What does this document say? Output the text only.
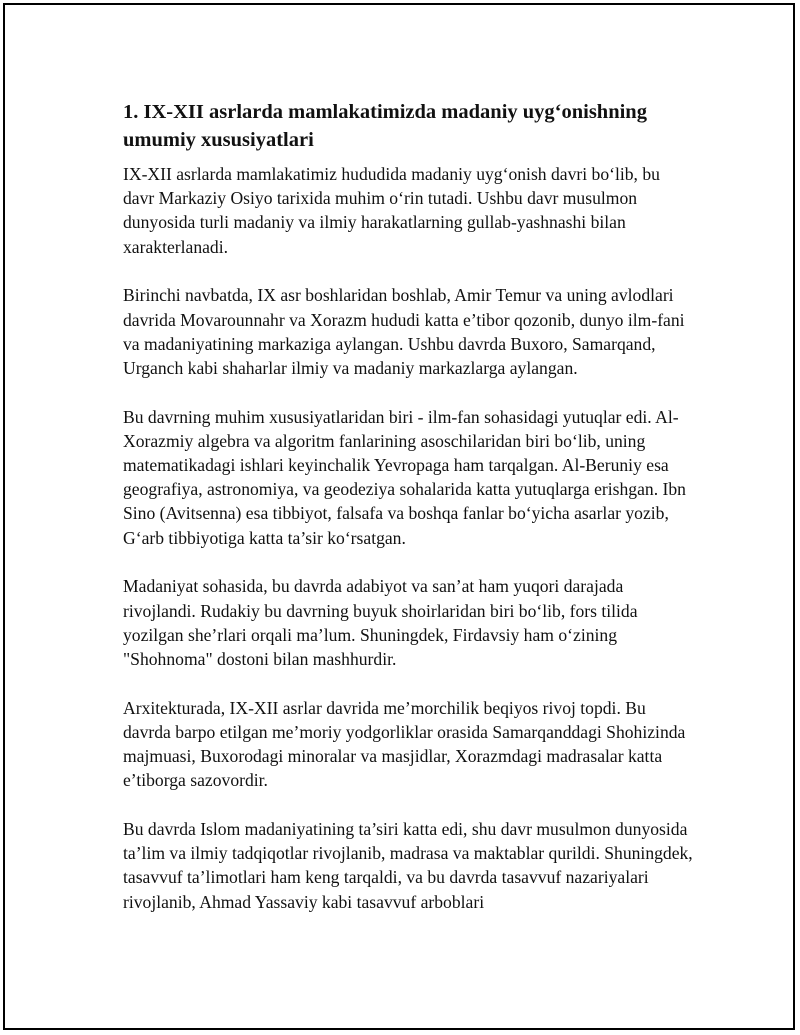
1. IX-XII asrlarda mamlakatimizda madaniy uyg‘onishning umumiy xususiyatlari

IX-XII asrlarda mamlakatimiz hududida madaniy uyg‘onish davri bo‘lib, bu davr Markaziy Osiyo tarixida muhim o‘rin tutadi. Ushbu davr musulmon dunyosida turli madaniy va ilmiy harakatlarning gullab-yashnashi bilan xarakterlanadi.

Birinchi navbatda, IX asr boshlaridan boshlab, Amir Temur va uning avlodlari davrida Movarounnahr va Xorazm hududi katta e’tibor qozonib, dunyo ilm-fani va madaniyatining markaziga aylangan. Ushbu davrda Buxoro, Samarqand, Urganch kabi shaharlar ilmiy va madaniy markazlarga aylangan.

Bu davrning muhim xususiyatlaridan biri - ilm-fan sohasidagi yutuqlar edi. Al-Xorazmiy algebra va algoritm fanlarining asoschilaridan biri bo‘lib, uning matematikadagi ishlari keyinchalik Yevropaga ham tarqalgan. Al-Beruniy esa geografiya, astronomiya, va geodeziya sohalarida katta yutuqlarga erishgan. Ibn Sino (Avitsenna) esa tibbiyot, falsafa va boshqa fanlar bo‘yicha asarlar yozib, G‘arb tibbiyotiga katta ta’sir ko‘rsatgan.

Madaniyat sohasida, bu davrda adabiyot va san’at ham yuqori darajada rivojlandi. Rudakiy bu davrning buyuk shoirlaridan biri bo‘lib, fors tilida yozilgan she’rlari orqali ma’lum. Shuningdek, Firdavsiy ham o‘zining "Shohnoma" dostoni bilan mashhurdir.

Arxitekturada, IX-XII asrlar davrida me’morchilik beqiyos rivoj topdi. Bu davrda barpo etilgan me’moriy yodgorliklar orasida Samarqanddagi Shohizinda majmuasi, Buxorodagi minoralar va masjidlar, Xorazmdagi madrasalar katta e’tiborga sazovordir.

Bu davrda Islom madaniyatining ta’siri katta edi, shu davr musulmon dunyosida ta’lim va ilmiy tadqiqotlar rivojlanib, madrasa va maktablar qurildi. Shuningdek, tasavvuf ta’limotlari ham keng tarqaldi, va bu davrda tasavvuf nazariyalari rivojlanib, Ahmad Yassaviy kabi tasavvuf arboblari
